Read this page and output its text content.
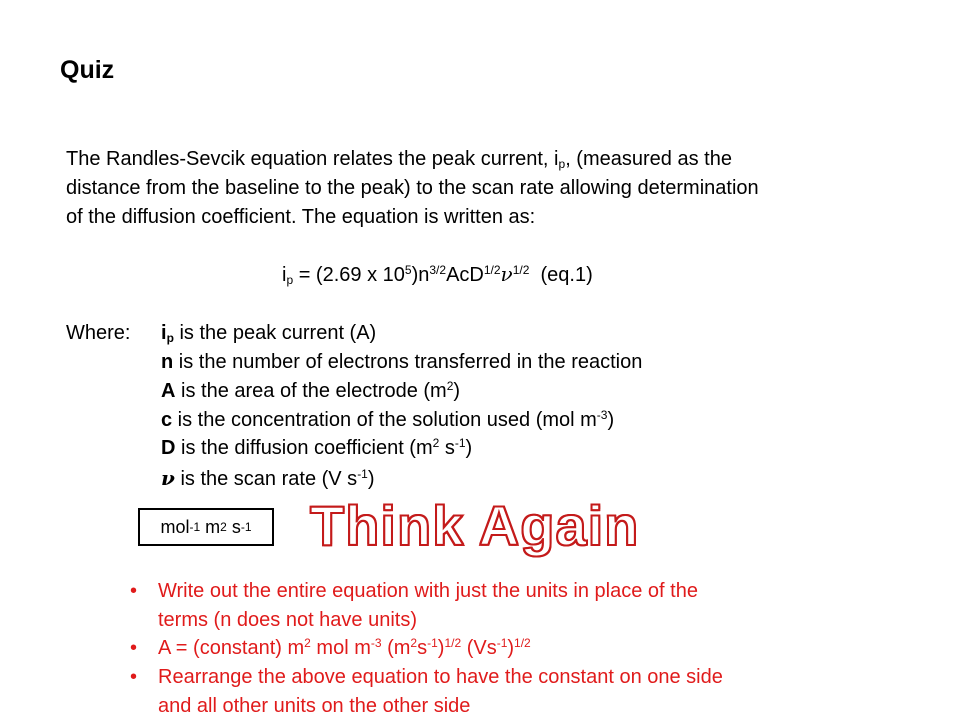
Quiz
The Randles-Sevcik equation relates the peak current, $i_p$, (measured as the
distance from the baseline to the peak) to the scan rate allowing determination
of the diffusion coefficient. The equation is written as:
$i_p = (2.69$ x $10^5)n^{3/2}AcD^{1/2}\nu^{1/2}$  (eq.1)
Where: $i_p$ is the peak current (A)
n is the number of electrons transferred in the reaction
A is the area of the electrode $(m^2)$
c is the concentration of the solution used (mol $m^{-3}$)
D is the diffusion coefficient ($m^2$ $s^{-1}$)
ν is the scan rate (V $s^{-1}$)
mol -1 m 2 s -1 Think Again
• Write out the entire equation with just the units in place of the
terms (n does not have units)
• A = (constant) $m^2$ mol $m^{-3}$ $(m^2s^{-1})^{1/2}$ $(Vs^{-1})^{1/2}$
• Rearrange the above equation to have the constant on one side
and all other units on the other side
